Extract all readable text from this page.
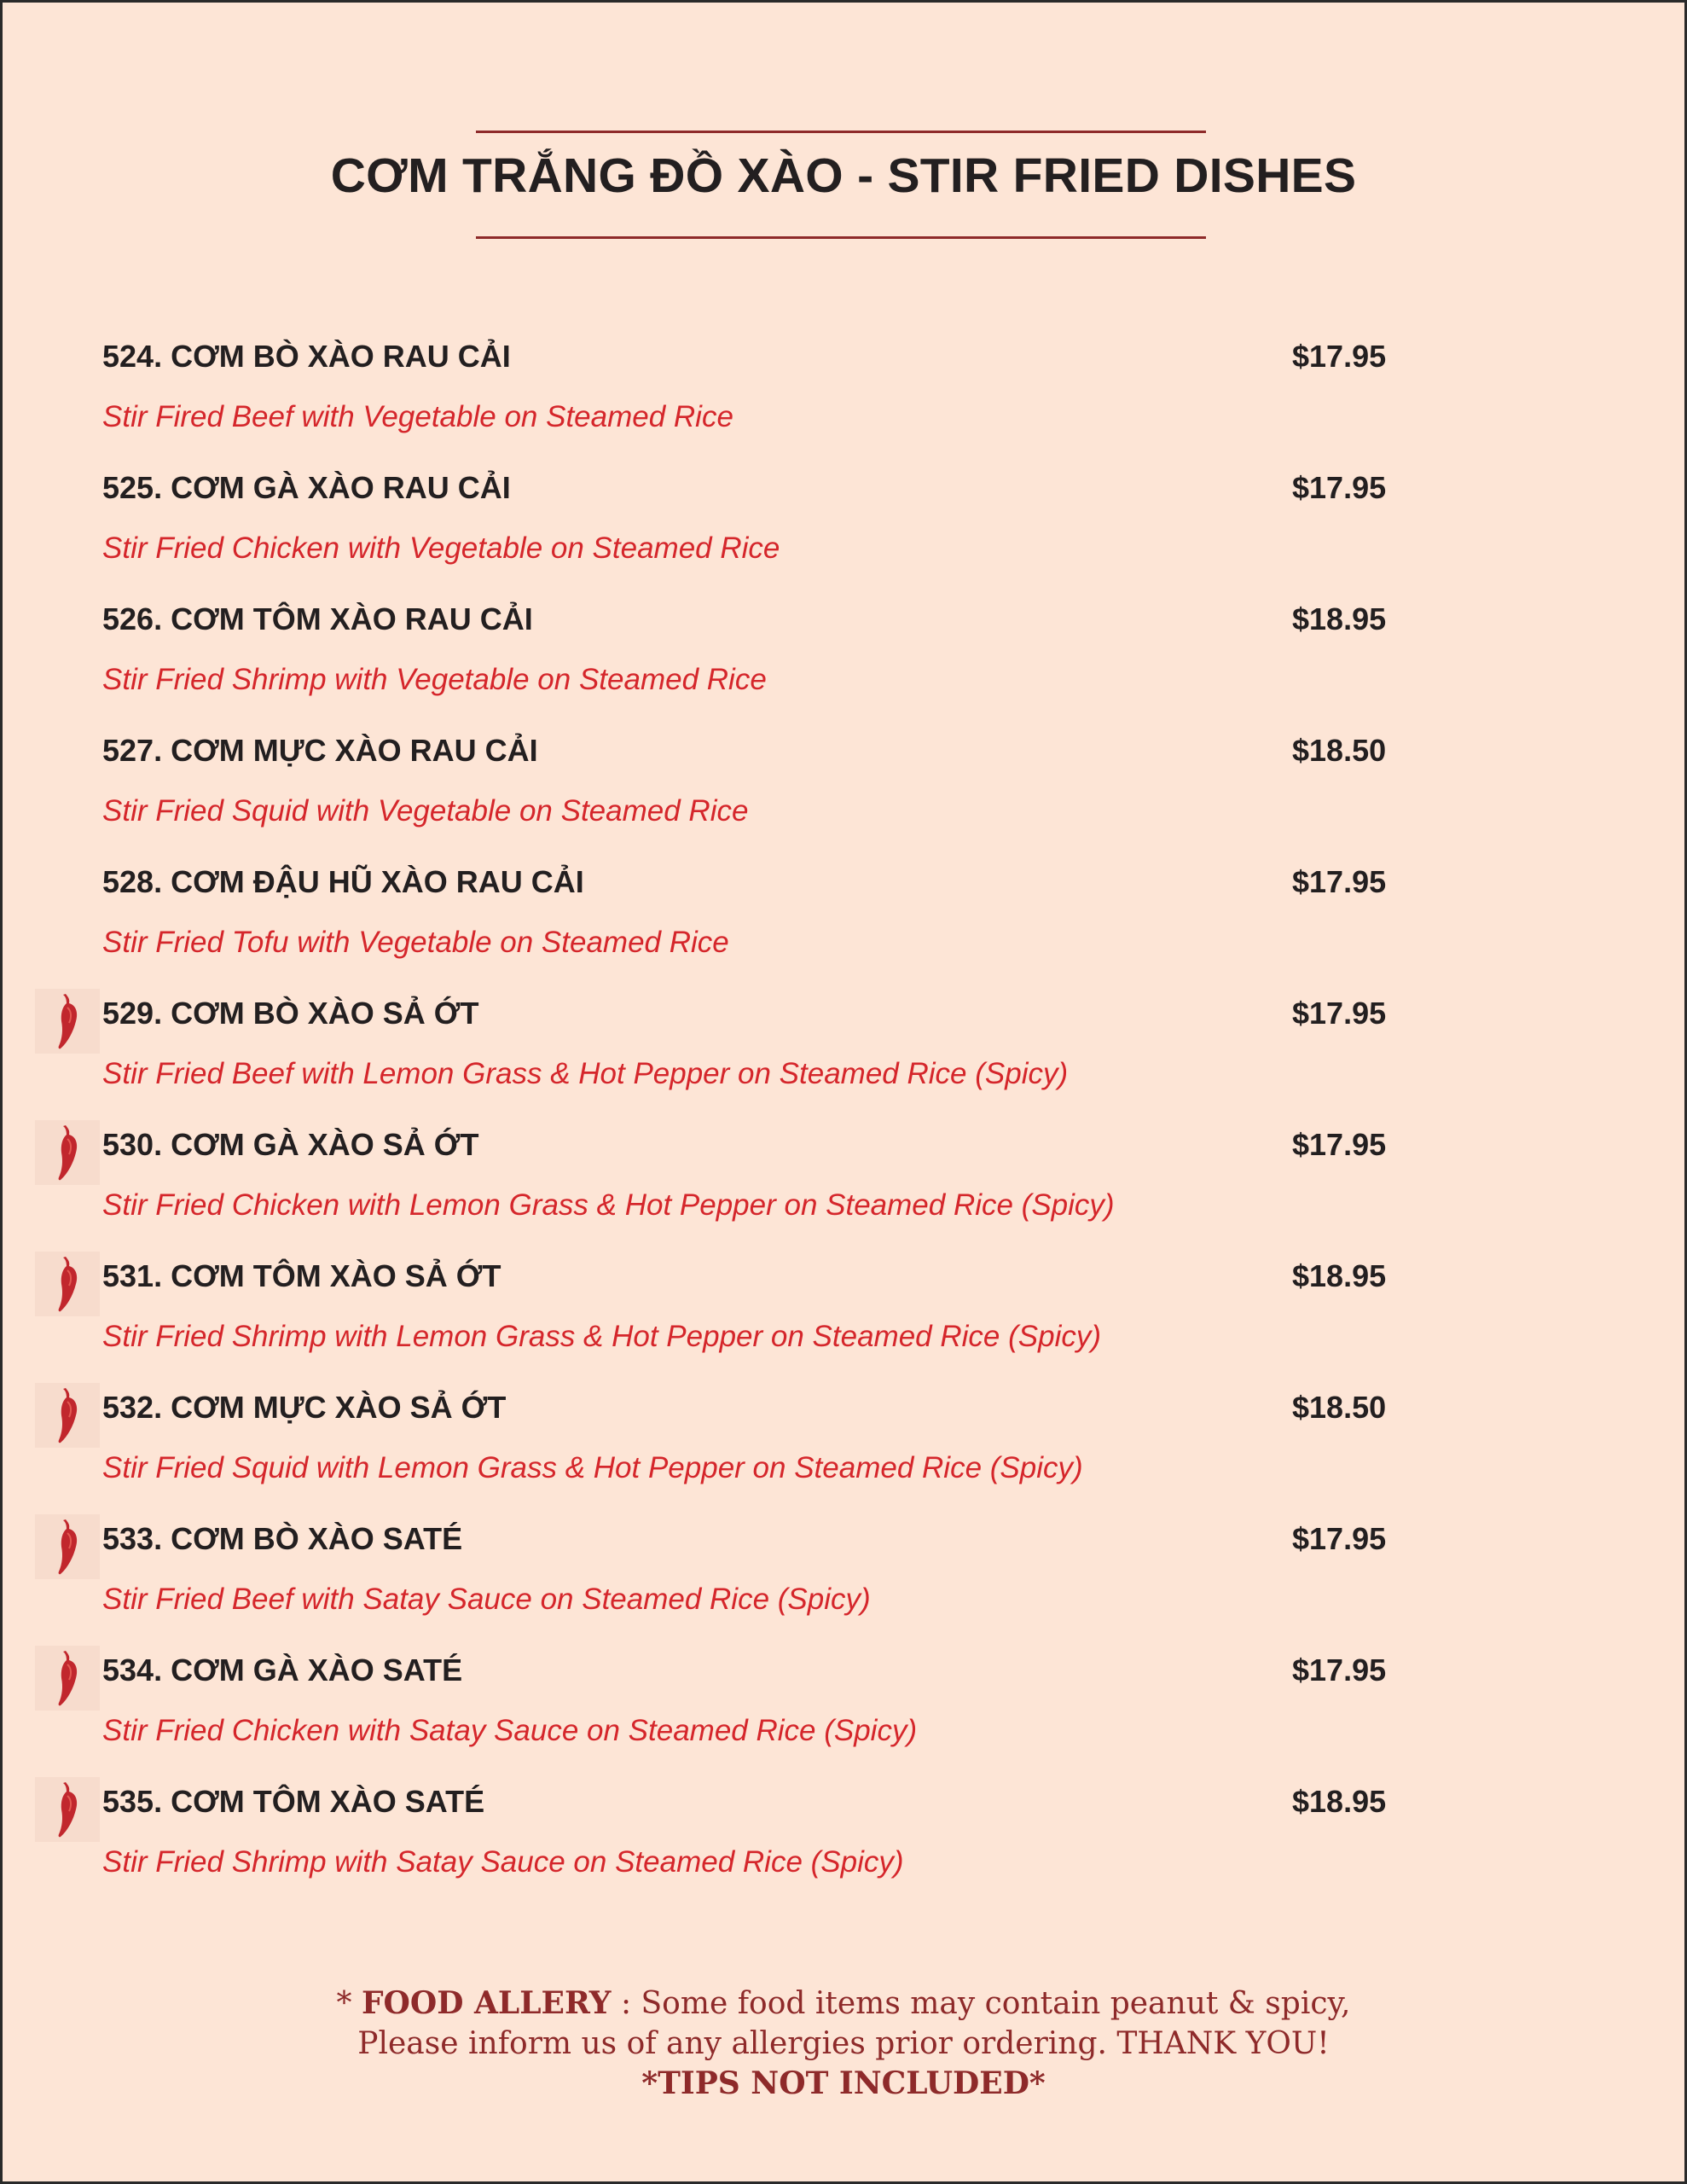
CƠM TRẮNG ĐỒ XÀO - STIR FRIED DISHES
524. CƠM BÒ XÀO RAU CẢI	$17.95
Stir Fired Beef with Vegetable on Steamed Rice
525. CƠM GÀ XÀO RAU CẢI	$17.95
Stir Fried Chicken with Vegetable on Steamed Rice
526. CƠM TÔM XÀO RAU CẢI	$18.95
Stir Fried Shrimp with Vegetable on Steamed Rice
527. CƠM MỰC XÀO RAU CẢI	$18.50
Stir Fried Squid with Vegetable on Steamed Rice
528. CƠM ĐẬU HŨ XÀO RAU CẢI	$17.95
Stir Fried Tofu with Vegetable on Steamed Rice
529. CƠM BÒ XÀO SẢ ỚT	$17.95
Stir Fried Beef with Lemon Grass & Hot Pepper on Steamed Rice (Spicy)
530. CƠM GÀ XÀO SẢ ỚT	$17.95
Stir Fried Chicken with Lemon Grass & Hot Pepper on Steamed Rice (Spicy)
531. CƠM TÔM XÀO SẢ ỚT	$18.95
Stir Fried Shrimp with Lemon Grass & Hot Pepper on Steamed Rice (Spicy)
532. CƠM MỰC XÀO SẢ ỚT	$18.50
Stir Fried Squid with Lemon Grass & Hot Pepper on Steamed Rice (Spicy)
533. CƠM BÒ XÀO SATÉ	$17.95
Stir Fried Beef with Satay Sauce on Steamed Rice (Spicy)
534. CƠM GÀ XÀO SATÉ	$17.95
Stir Fried Chicken with Satay Sauce on Steamed Rice (Spicy)
535. CƠM TÔM XÀO SATÉ	$18.95
Stir Fried Shrimp with Satay Sauce on Steamed Rice (Spicy)
* FOOD ALLERY : Some food items may contain peanut & spicy,
Please inform us of any allergies prior ordering. THANK YOU!
*TIPS NOT INCLUDED*
